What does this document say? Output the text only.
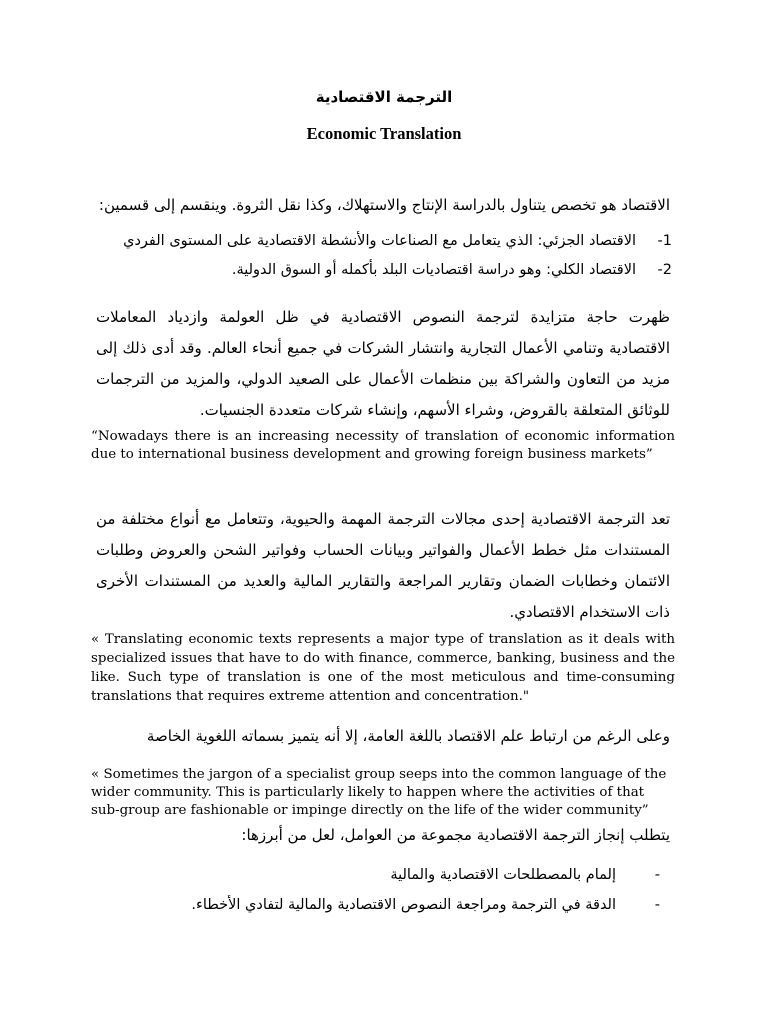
الترجمة الاقتصادية
Economic Translation
الاقتصاد هو تخصص يتناول بالدراسة الإنتاج والاستهلاك، وكذا نقل الثروة. وينقسم إلى قسمين:
1-
الاقتصاد الجزئي: الذي يتعامل مع الصناعات والأنشطة الاقتصادية على المستوى الفردي
2-
الاقتصاد الكلي: وهو دراسة اقتصاديات البلد بأكمله أو السوق الدولية.
ظهرت حاجة متزايدة لترجمة النصوص الاقتصادية في ظل العولمة وازدياد المعاملات الاقتصادية وتنامي الأعمال التجارية وانتشار الشركات في جميع أنحاء العالم. وقد أدى ذلك إلى مزيد من التعاون والشراكة بين منظمات الأعمال على الصعيد الدولي، والمزيد من الترجمات للوثائق المتعلقة بالقروض، وشراء الأسهم، وإنشاء شركات متعددة الجنسيات.
“Nowadays there is an increasing necessity of translation of economic information due to international business development and growing foreign business markets”
تعد الترجمة الاقتصادية إحدى مجالات الترجمة المهمة والحيوية، وتتعامل مع أنواع مختلفة من المستندات مثل خطط الأعمال والفواتير وبيانات الحساب وفواتير الشحن والعروض وطلبات الائتمان وخطابات الضمان وتقارير المراجعة والتقارير المالية والعديد من المستندات الأخرى ذات الاستخدام الاقتصادي.
« Translating economic texts represents a major type of translation as it deals with specialized issues that have to do with finance, commerce, banking, business and the like. Such type of translation is one of the most meticulous and time-consuming translations that requires extreme attention and concentration."
وعلى الرغم من ارتباط علم الاقتصاد باللغة العامة، إلا أنه يتميز بسماته اللغوية الخاصة
« Sometimes the jargon of a specialist group seeps into the common language of the wider community. This is particularly likely to happen where the activities of that sub-group are fashionable or impinge directly on the life of the wider community”
يتطلب إنجاز الترجمة الاقتصادية مجموعة من العوامل، لعل من أبرزها:
-
إلمام بالمصطلحات الاقتصادية والمالية
-
الدقة في الترجمة ومراجعة النصوص الاقتصادية والمالية لتفادي الأخطاء.
